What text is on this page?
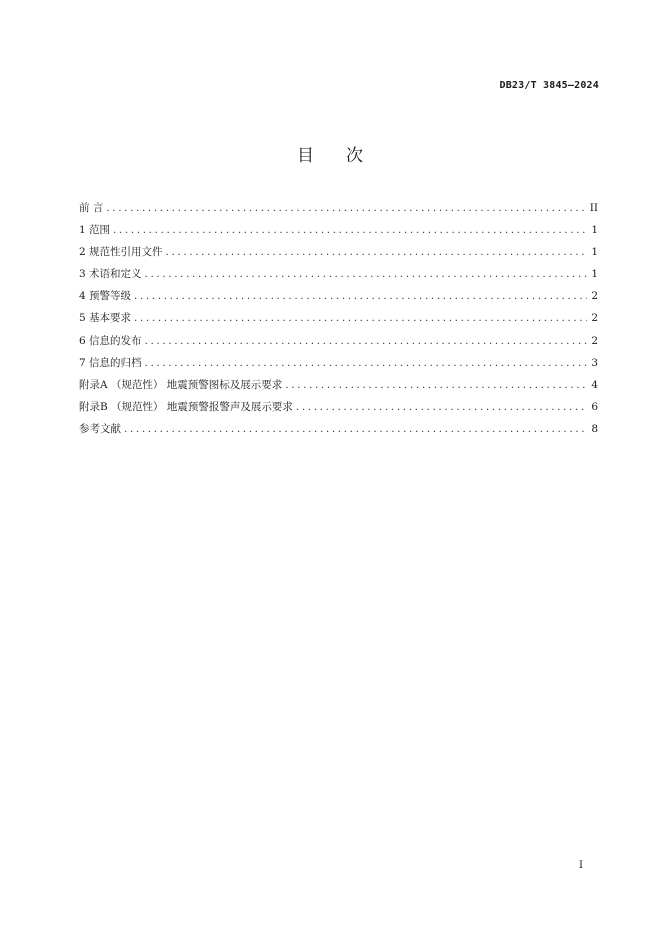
DB23/T 3845—2024
目 次
前 言 .....	II
1 范围 .....	1
2 规范性引用文件 .....	1
3 术语和定义 .....	1
4 预警等级 .....	2
5 基本要求 .....	2
6 信息的发布 .....	2
7 信息的归档 .....	3
附录A （规范性） 地震预警图标及展示要求 .....	4
附录B （规范性） 地震预警报警声及展示要求 .....	6
参考文献 .....	8
I
